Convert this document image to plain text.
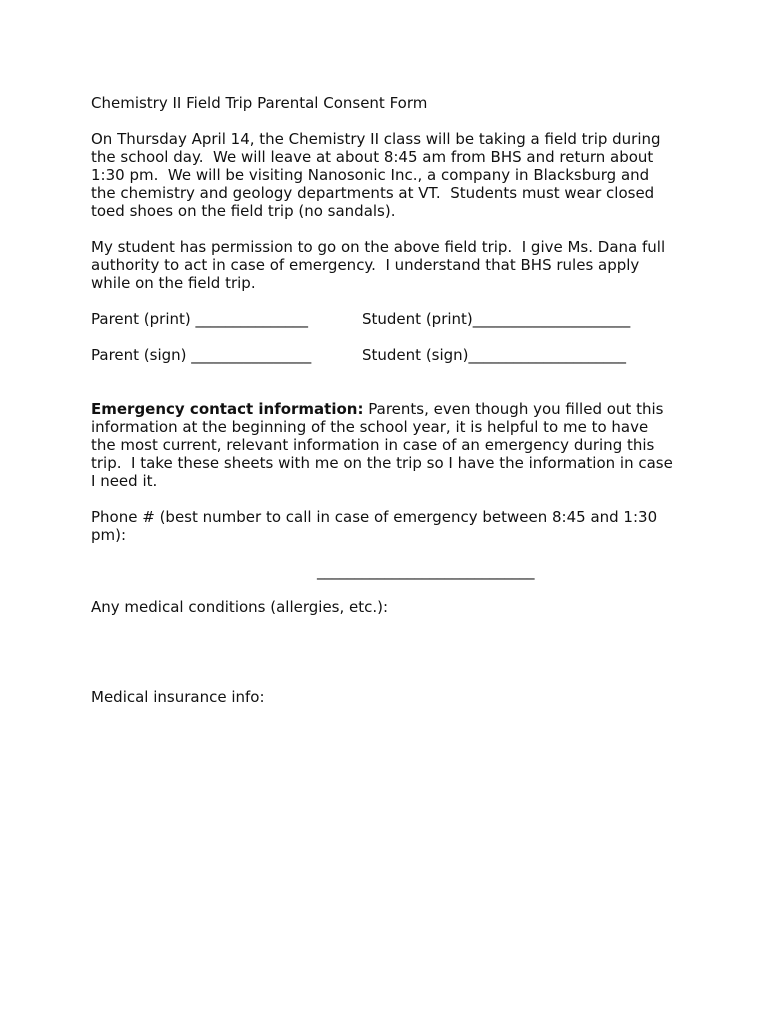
Chemistry II Field Trip Parental Consent Form

On Thursday April 14, the Chemistry II class will be taking a field trip during
the school day.  We will leave at about 8:45 am from BHS and return about
1:30 pm.  We will be visiting Nanosonic Inc., a company in Blacksburg and
the chemistry and geology departments at VT.  Students must wear closed
toed shoes on the field trip (no sandals).

My student has permission to go on the above field trip.  I give Ms. Dana full
authority to act in case of emergency.  I understand that BHS rules apply
while on the field trip.

Parent (print) _______________

	Student (print)_____________________

Parent (sign) ________________

	Student (sign)_____________________

Emergency contact information: Parents, even though you filled out this
information at the beginning of the school year, it is helpful to me to have
the most current, relevant information in case of an emergency during this
trip.  I take these sheets with me on the trip so I have the information in case
I need it.

Phone # (best number to call in case of emergency between 8:45 and 1:30
pm):

_____________________________

Any medical conditions (allergies, etc.):

Medical insurance info:
